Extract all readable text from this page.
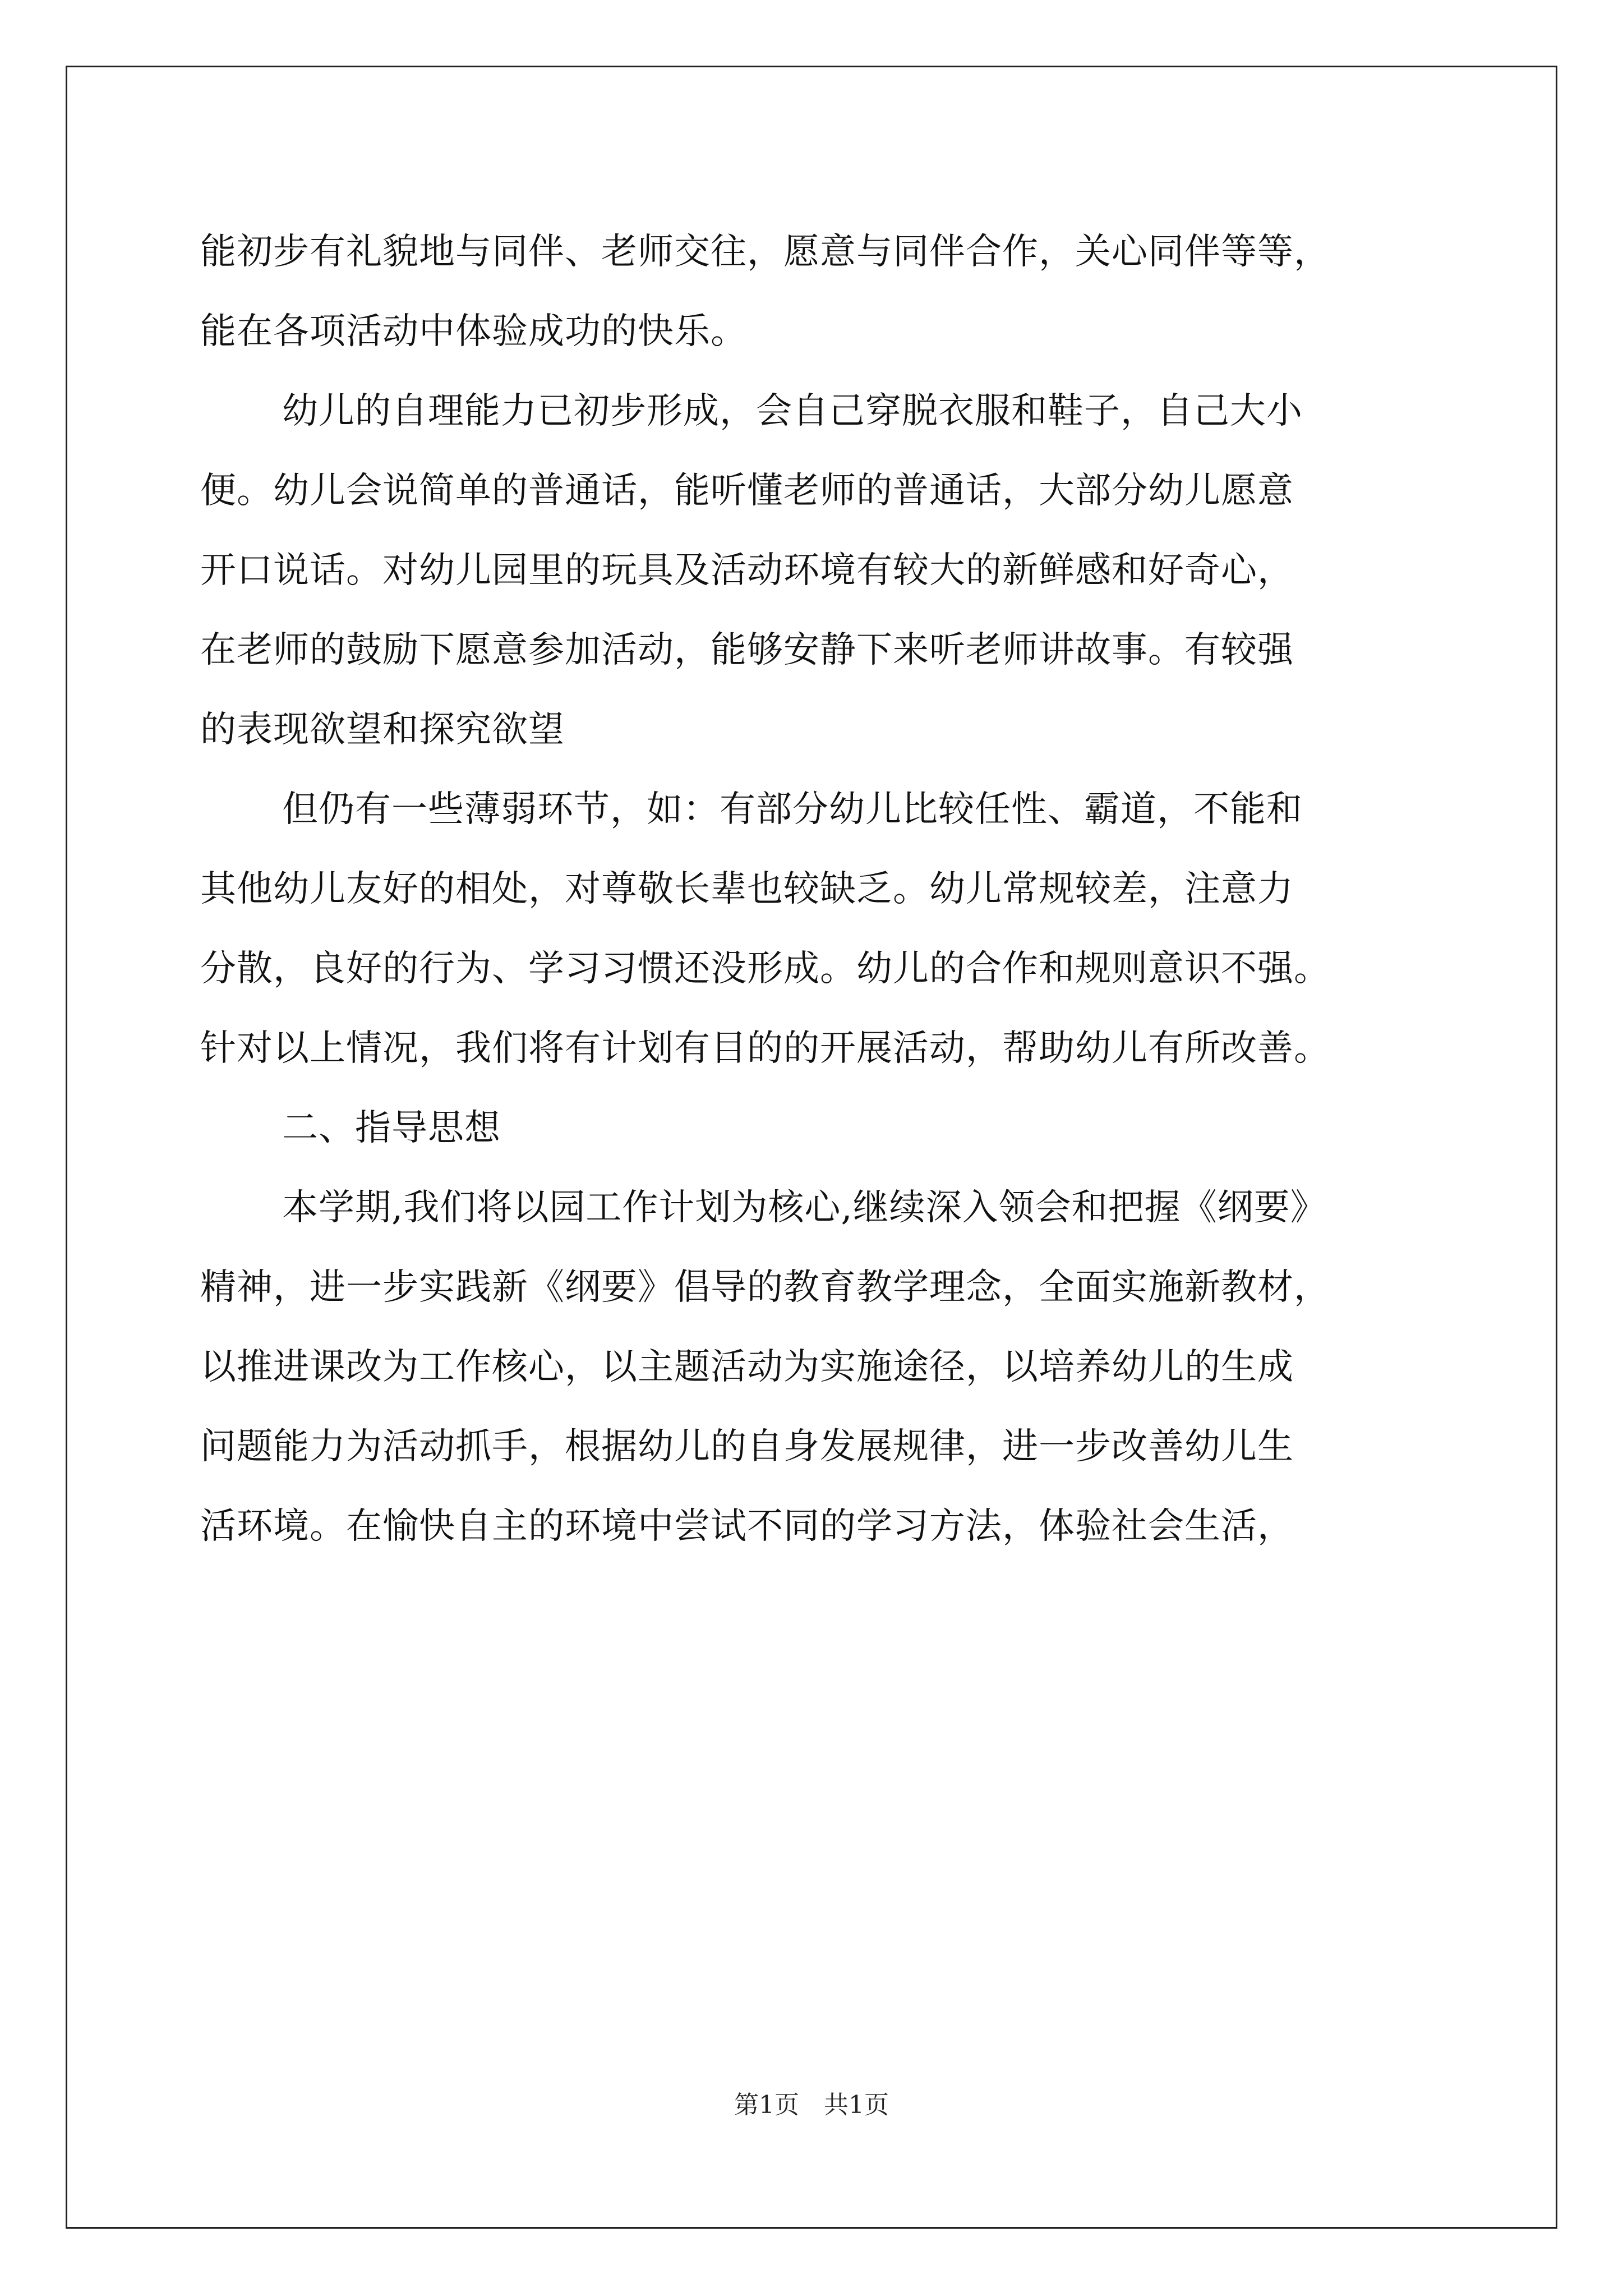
能初步有礼貌地与同伴、老师交往，愿意与同伴合作，关心同伴等等，
能在各项活动中体验成功的快乐。
幼儿的自理能力已初步形成，会自己穿脱衣服和鞋子，自己大小
便。幼儿会说简单的普通话，能听懂老师的普通话，大部分幼儿愿意
开口说话。对幼儿园里的玩具及活动环境有较大的新鲜感和好奇心，
在老师的鼓励下愿意参加活动，能够安静下来听老师讲故事。有较强
的表现欲望和探究欲望
但仍有一些薄弱环节，如：有部分幼儿比较任性、霸道，不能和
其他幼儿友好的相处，对尊敬长辈也较缺乏。幼儿常规较差，注意力
分散，良好的行为、学习习惯还没形成。幼儿的合作和规则意识不强。
针对以上情况，我们将有计划有目的的开展活动，帮助幼儿有所改善。
二、指导思想
本学期,我们将以园工作计划为核心,继续深入领会和把握《纲要》
精神，进一步实践新《纲要》倡导的教育教学理念，全面实施新教材，
以推进课改为工作核心，以主题活动为实施途径，以培养幼儿的生成
问题能力为活动抓手，根据幼儿的自身发展规律，进一步改善幼儿生
活环境。在愉快自主的环境中尝试不同的学习方法，体验社会生活，
第1页　共1页
